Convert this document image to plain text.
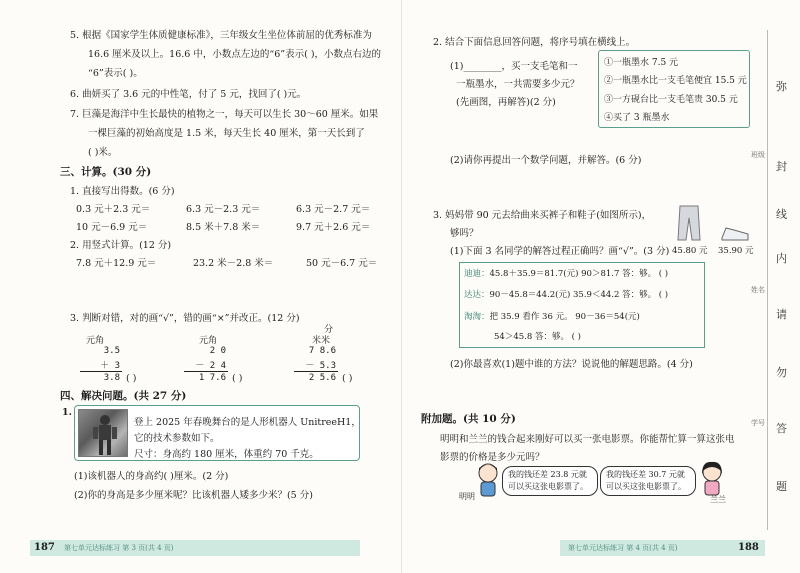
5. 根据《国家学生体质健康标准》，三年级女生坐位体前屈的优秀标准为
16.6 厘米及以上。16.6 中，小数点左边的“6”表示( )，小数点右边的
“6”表示( )。
6. 曲妍买了 3.6 元的中性笔，付了 5 元，找回了( )元。
7. 巨藻是海洋中生长最快的植物之一，每天可以生长 30～60 厘米。如果
一棵巨藻的初始高度是 1.5 米，每天生长 40 厘米，第一天长到了
( )米。
三、计算。(30 分)
1. 直接写出得数。(6 分)
0.3 元＋2.3 元＝	6.3 元－2.3 元＝	6.3 元－2.7 元＝
10 元－6.9 元＝	8.5 米＋7.8 米＝	9.7 元＋2.6 元＝
2. 用竖式计算。(12 分)
7.8 元＋12.9 元＝	23.2 米－2.8 米＝	50 元－6.7 元＝
3. 判断对错，对的画“√”，错的画“×”并改正。(12 分)
元角
3.5
＋ 3
3.8 ( )
元角
2 0
－ 2 4
1 7.6 ( )
分
米米
7 8.6
－ 5.3
2 5.6 ( )
四、解决问题。(共 27 分)
1.
登上 2025 年春晚舞台的是人形机器人 UnitreeH1，
它的技术参数如下。
尺寸：身高约 180 厘米，体重约 70 千克。
(1)该机器人的身高约( )厘米。(2 分)
(2)你的身高是多少厘米呢？比该机器人矮多少米？(5 分)
187 第七单元达标练习 第 3 页(共 4 页)
2. 结合下面信息回答问题，将序号填在横线上。
(1)________，买一支毛笔和一
一瓶墨水，一共需要多少元？
(先画图，再解答)(2 分)
①一瓶墨水 7.5 元
②一瓶墨水比一支毛笔便宜 15.5 元
③一方砚台比一支毛笔贵 30.5 元
④买了 3 瓶墨水
(2)请你再提出一个数学问题，并解答。(6 分)
3. 妈妈带 90 元去给曲来买裤子和鞋子(如图所示)，
够吗？
(1)下面 3 名同学的解答过程正确吗？画“√”。(3 分) 45.80 元 35.90 元
迪迪：45.8＋35.9＝81.7(元) 90＞81.7 答：够。 ( )
达达：90－45.8＝44.2(元) 35.9＜44.2 答：够。 ( )
淘淘：把 35.9 看作 36 元。 90－36＝54(元)
54＞45.8 答：够。 ( )
(2)你最喜欢(1)题中谁的方法？说说他的解题思路。(4 分)
附加题。(共 10 分)
明明和兰兰的钱合起来刚好可以买一张电影票。你能帮忙算一算这张电
影票的价格是多少元吗？
明明
我的钱还差 23.8 元就可以买这张电影票了。
我的钱还差 30.7 元就可以买这张电影票了。
兰兰
第七单元达标练习 第 4 页(共 4 页)	188
弥
封
线
内
请
勿
答
题
班级
姓名
学号
